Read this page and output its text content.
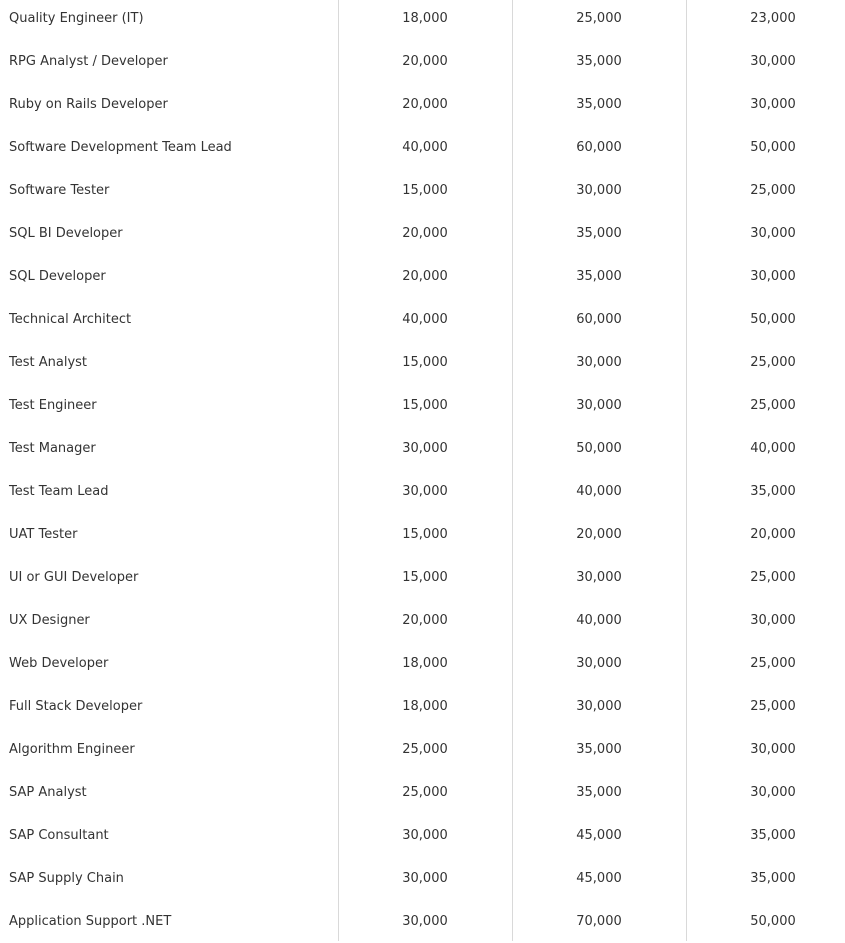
Quality Engineer (IT)	18,000	25,000	23,000
RPG Analyst / Developer	20,000	35,000	30,000
Ruby on Rails Developer	20,000	35,000	30,000
Software Development Team Lead	40,000	60,000	50,000
Software Tester	15,000	30,000	25,000
SQL BI Developer	20,000	35,000	30,000
SQL Developer	20,000	35,000	30,000
Technical Architect	40,000	60,000	50,000
Test Analyst	15,000	30,000	25,000
Test Engineer	15,000	30,000	25,000
Test Manager	30,000	50,000	40,000
Test Team Lead	30,000	40,000	35,000
UAT Tester	15,000	20,000	20,000
UI or GUI Developer	15,000	30,000	25,000
UX Designer	20,000	40,000	30,000
Web Developer	18,000	30,000	25,000
Full Stack Developer	18,000	30,000	25,000
Algorithm Engineer	25,000	35,000	30,000
SAP Analyst	25,000	35,000	30,000
SAP Consultant	30,000	45,000	35,000
SAP Supply Chain	30,000	45,000	35,000
Application Support .NET	30,000	70,000	50,000
